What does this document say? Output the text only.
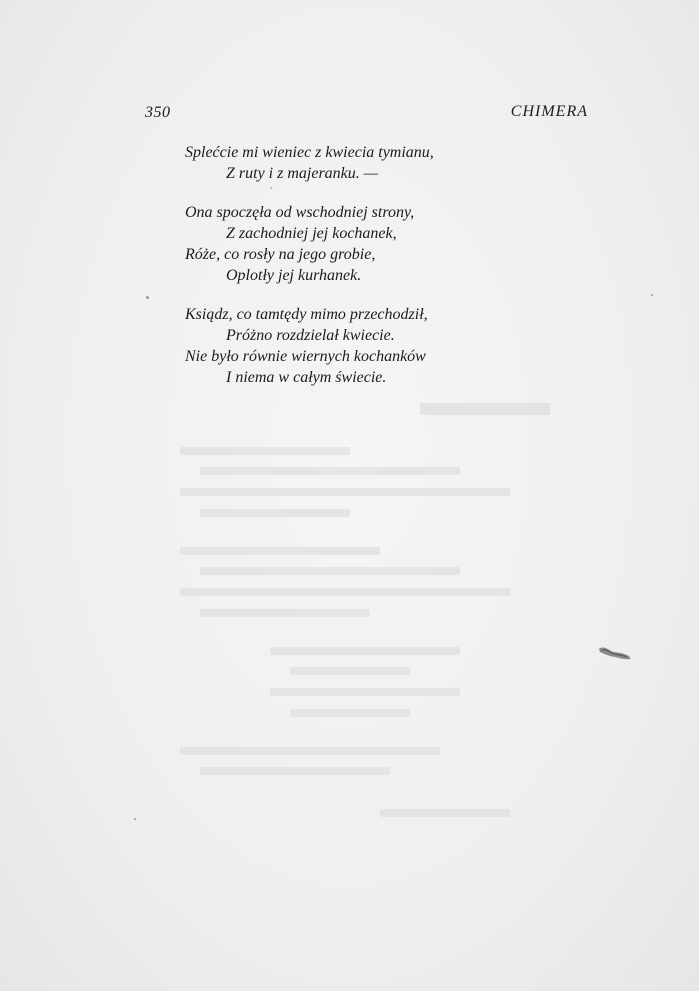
350	CHIMERA
Splećcie mi wieniec z kwiecia tymianu,
Z ruty i z majeranku. —
Ona spoczęła od wschodniej strony,
Z zachodniej jej kochanek,
Róże, co rosły na jego grobie,
Oplotły jej kurhanek.
Ksiądz, co tamtędy mimo przechodził,
Próżno rozdzielał kwiecie.
Nie było równie wiernych kochanków
I niema w całym świecie.
